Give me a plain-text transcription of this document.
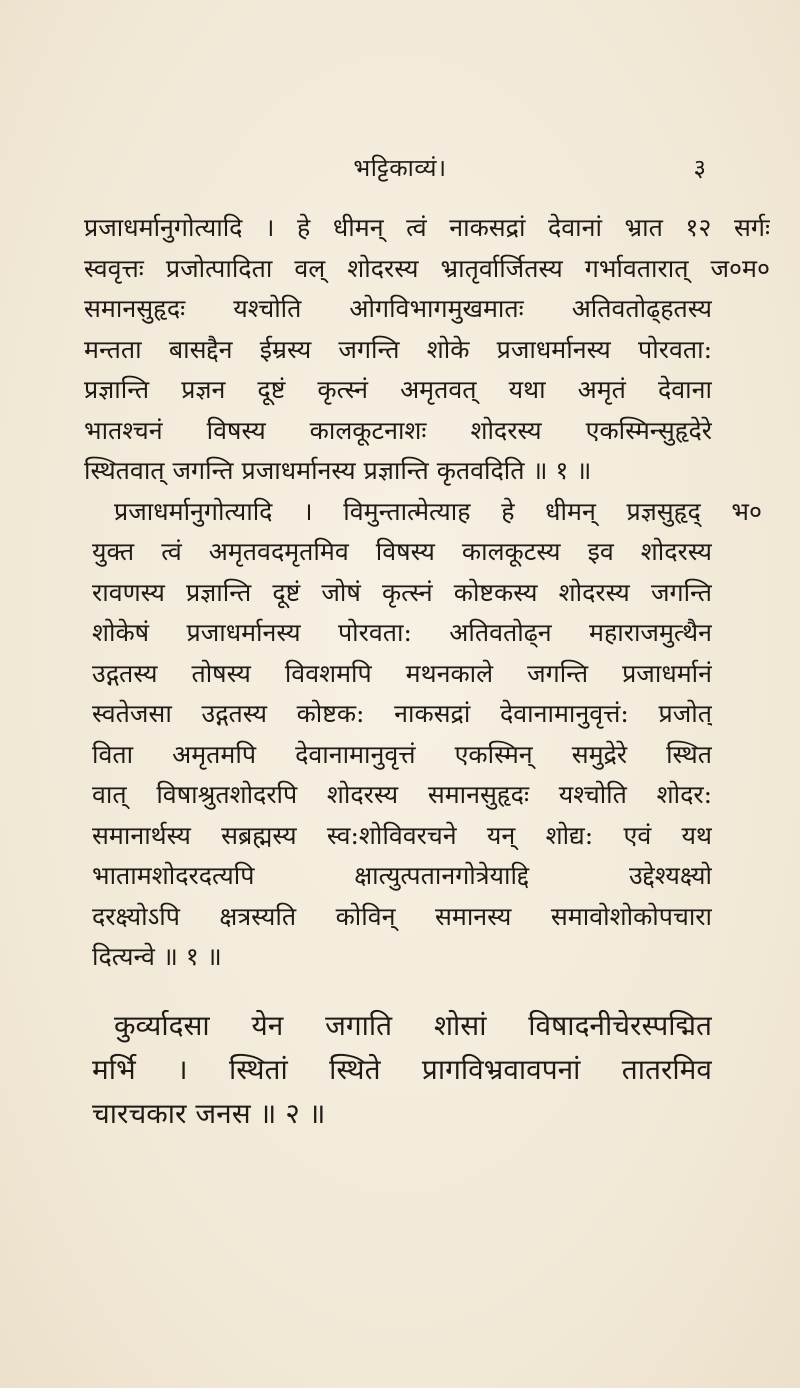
भट्टिकाव्यं।	३
प्रजाधर्मानुगोत्यादि । हे धीमन् त्वं नाकसद्रां देवानां भ्रात १२ सर्गः
स्ववृत्तः प्रजोत्पादिता वल् शोदरस्य भ्रातृर्वार्जितस्य गर्भावतारात् ज०म०
समानसुहृदः यश्चोति ओगविभागमुखमातः अतिवतोढ्हतस्य
मन्तता बासद्दैन ईम्रस्य जगन्ति शोके प्रजाधर्मानस्य पोरवता:
प्रज्ञान्ति प्रज्ञन दूष्टं कृत्स्नं अमृतवत् यथा अमृतं देवाना
भातश्चनं विषस्य कालकूटनाशः शोदरस्य एकस्मिन्सुहृदेरे
स्थितवात् जगन्ति प्रजाधर्मानस्य प्रज्ञान्ति कृतवदिति ॥ १ ॥
प्रजाधर्मानुगोत्यादि । विमुन्तात्मेत्याह हे धीमन् प्रज्ञसुहृद् भ०
युक्त त्वं अमृतवदमृतमिव विषस्य कालकूटस्य इव शोदरस्य
रावणस्य प्रज्ञान्ति दूष्टं जोषं कृत्स्नं कोष्टकस्य शोदरस्य जगन्ति
शोकेषं प्रजाधर्मानस्य पोरवता: अतिवतोढ्न महाराजमुत्थैन
उद्गतस्य तोषस्य विवशमपि मथनकाले जगन्ति प्रजाधर्मानं
स्वतेजसा उद्गतस्य कोष्टक: नाकसद्रां देवानामानुवृत्तं: प्रजोत्
विता अमृतमपि देवानामानुवृत्तं एकस्मिन् समुद्रेरे स्थित
वात् विषाश्रुतशोदरपि शोदरस्य समानसुहृदः यश्चोति शोदर:
समानार्थस्य सब्रह्मस्य स्व:शोविवरचने यन् शोद्य: एवं यथ
भातामशोदरदत्यपि क्षात्युत्पतानगोत्रेयाद्दि उद्देश्यक्ष्यो
दरक्ष्योऽपि क्षत्रस्यति कोविन् समानस्य समावोशोकोपचारा
दित्यन्वे ॥ १ ॥
कुर्व्यादसा येन जगाति शोसां विषादनीचेरस्पद्मित
मर्भि । स्थितां स्थिते प्रागविभ्रवावपनां तातरमिव
चारचकार जनस ॥ २ ॥
